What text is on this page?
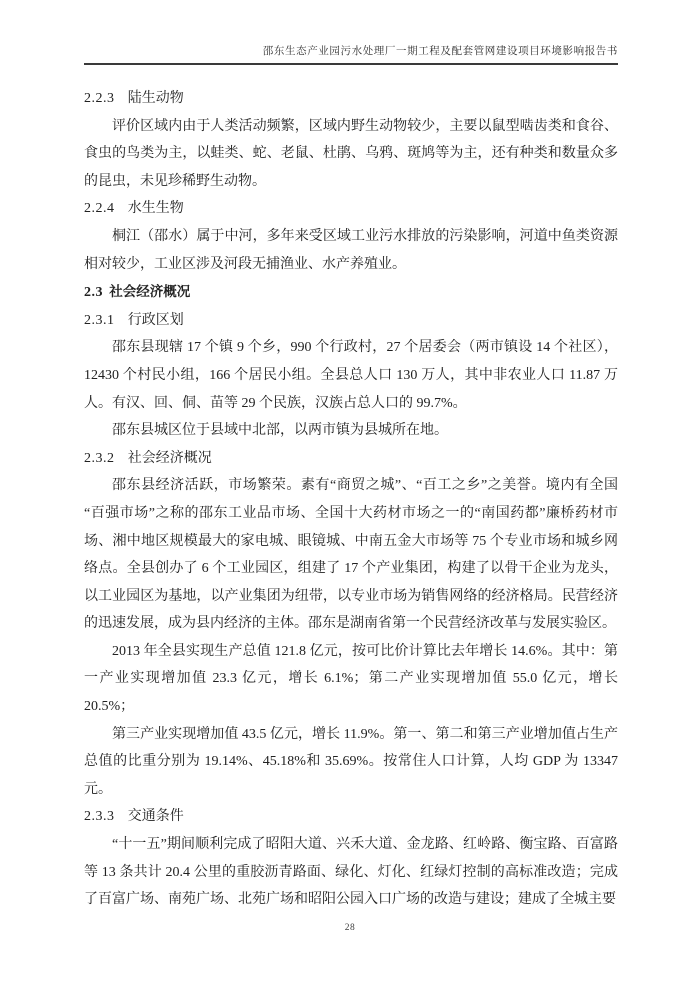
邵东生态产业园污水处理厂一期工程及配套管网建设项目环境影响报告书
2.2.3 陆生动物

评价区域内由于人类活动频繁，区域内野生动物较少，主要以鼠型啮齿类和食谷、食虫的鸟类为主，以蛙类、蛇、老鼠、杜鹃、乌鸦、斑鸠等为主，还有种类和数量众多的昆虫，未见珍稀野生动物。

2.2.4 水生生物

桐江（邵水）属于中河，多年来受区域工业污水排放的污染影响，河道中鱼类资源相对较少，工业区涉及河段无捕渔业、水产养殖业。

2.3 社会经济概况
2.3.1 行政区划

邵东县现辖 17 个镇 9 个乡，990 个行政村，27 个居委会（两市镇设 14 个社区），12430 个村民小组，166 个居民小组。全县总人口 130 万人，其中非农业人口 11.87 万人。有汉、回、侗、苗等 29 个民族，汉族占总人口的 99.7%。

邵东县城区位于县域中北部，以两市镇为县城所在地。

2.3.2 社会经济概况

邵东县经济活跃，市场繁荣。素有“商贸之城”、“百工之乡”之美誉。境内有全国“百强市场”之称的邵东工业品市场、全国十大药材市场之一的“南国药都”廉桥药材市场、湘中地区规模最大的家电城、眼镜城、中南五金大市场等 75 个专业市场和城乡网络点。全县创办了 6 个工业园区，组建了 17 个产业集团，构建了以骨干企业为龙头，以工业园区为基地，以产业集团为纽带，以专业市场为销售网络的经济格局。民营经济的迅速发展，成为县内经济的主体。邵东是湖南省第一个民营经济改革与发展实验区。

2013 年全县实现生产总值 121.8 亿元，按可比价计算比去年增长 14.6%。其中：第一产业实现增加值 23.3 亿元，增长 6.1%；第二产业实现增加值 55.0 亿元，增长 20.5%；

第三产业实现增加值 43.5 亿元，增长 11.9%。第一、第二和第三产业增加值占生产总值的比重分别为 19.14%、45.18%和 35.69%。按常住人口计算，人均 GDP 为 13347 元。

2.3.3 交通条件

“十一五”期间顺利完成了昭阳大道、兴禾大道、金龙路、红岭路、衡宝路、百富路等 13 条共计 20.4 公里的重胶沥青路面、绿化、灯化、红绿灯控制的高标准改造；完成了百富广场、南苑广场、北苑广场和昭阳公园入口广场的改造与建设；建成了全城主要

28
